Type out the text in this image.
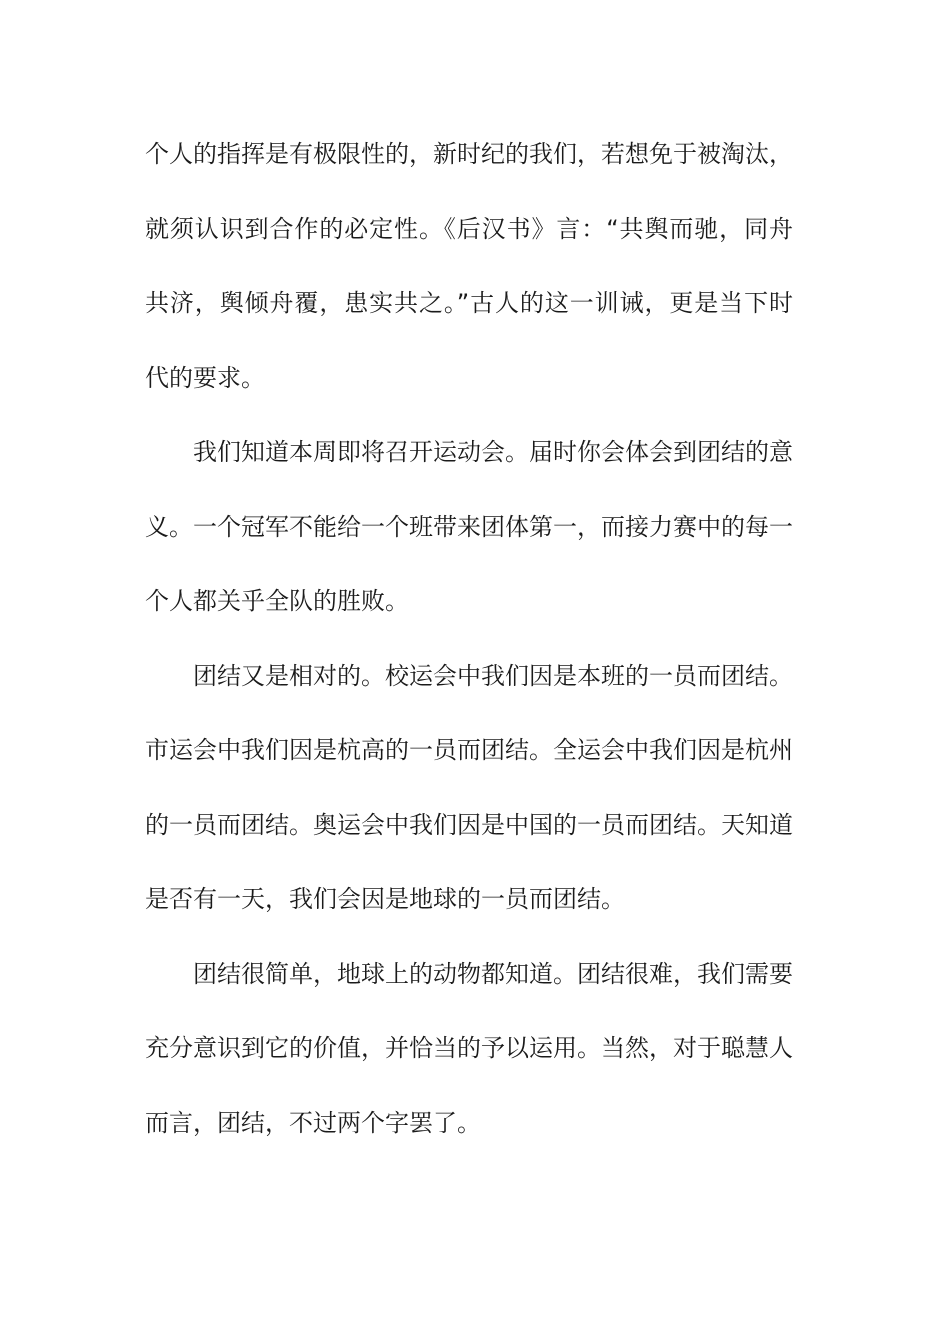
个人的指挥是有极限性的，新时纪的我们，若想免于被淘汰，
就须认识到合作的必定性。《后汉书》言：“共舆而驰，同舟
共济，舆倾舟覆，患实共之。”古人的这一训诫，更是当下时
代的要求。
我们知道本周即将召开运动会。届时你会体会到团结的意
义。一个冠军不能给一个班带来团体第一，而接力赛中的每一
个人都关乎全队的胜败。
团结又是相对的。校运会中我们因是本班的一员而团结。
市运会中我们因是杭高的一员而团结。全运会中我们因是杭州
的一员而团结。奥运会中我们因是中国的一员而团结。天知道
是否有一天，我们会因是地球的一员而团结。
团结很简单，地球上的动物都知道。团结很难，我们需要
充分意识到它的价值，并恰当的予以运用。当然，对于聪慧人
而言，团结，不过两个字罢了。
